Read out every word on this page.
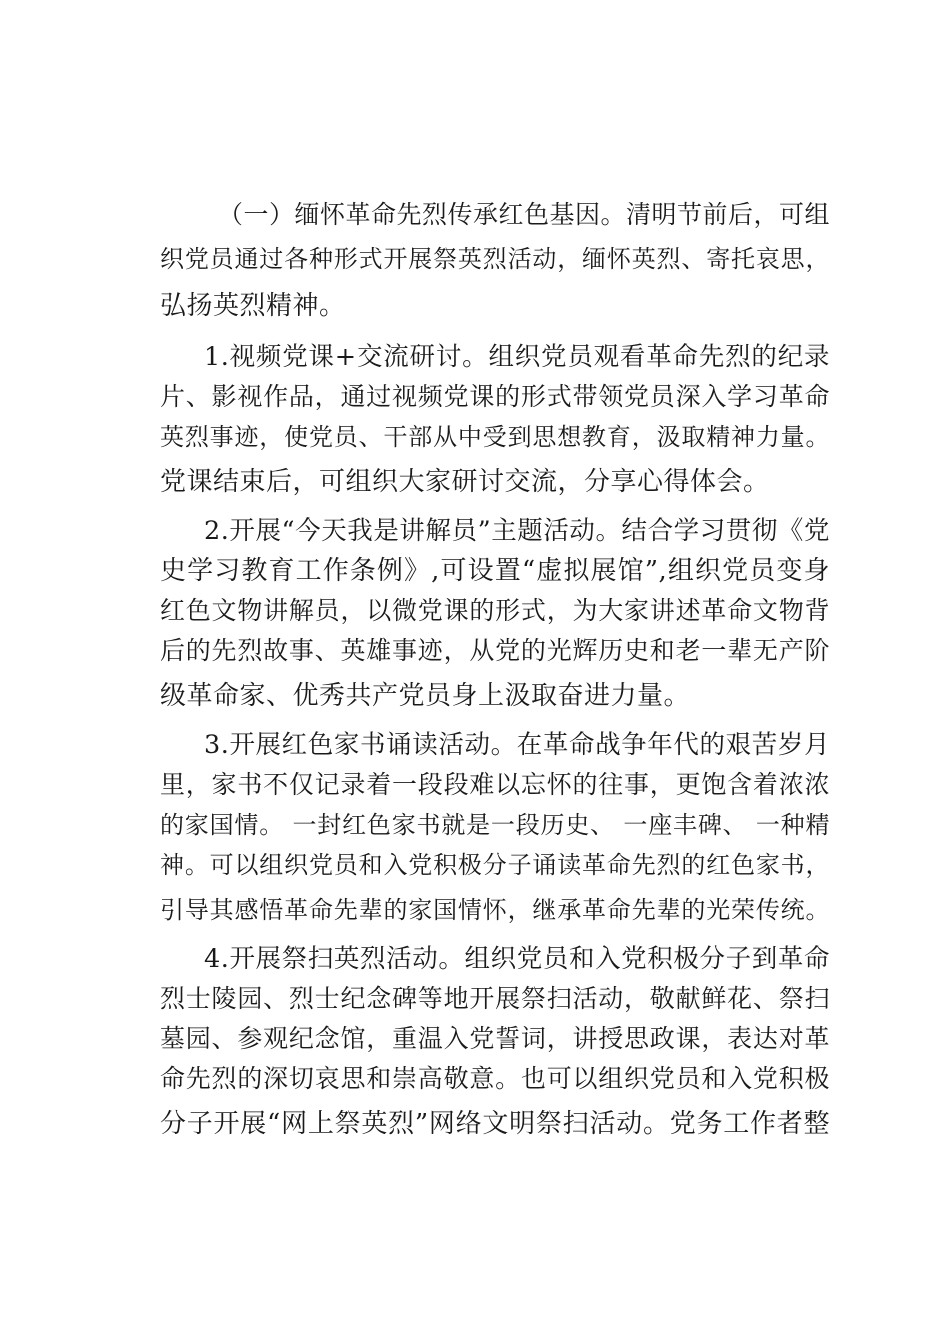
（一）缅怀革命先烈传承红色基因。清明节前后，可组
织党员通过各种形式开展祭英烈活动，缅怀英烈、寄托哀思，
弘扬英烈精神。
1.视频党课+交流研讨。组织党员观看革命先烈的纪录
片、影视作品，通过视频党课的形式带领党员深入学习革命
英烈事迹，使党员、干部从中受到思想教育，汲取精神力量。
党课结束后，可组织大家研讨交流，分享心得体会。
2.开展“今天我是讲解员”主题活动。结合学习贯彻《党
史学习教育工作条例》,可设置“虚拟展馆”,组织党员变身
红色文物讲解员，以微党课的形式，为大家讲述革命文物背
后的先烈故事、英雄事迹，从党的光辉历史和老一辈无产阶
级革命家、优秀共产党员身上汲取奋进力量。
3.开展红色家书诵读活动。在革命战争年代的艰苦岁月
里，家书不仅记录着一段段难以忘怀的往事，更饱含着浓浓
的家国情。 一封红色家书就是一段历史、 一座丰碑、 一种精
神。可以组织党员和入党积极分子诵读革命先烈的红色家书，
引导其感悟革命先辈的家国情怀，继承革命先辈的光荣传统。
4.开展祭扫英烈活动。组织党员和入党积极分子到革命
烈士陵园、烈士纪念碑等地开展祭扫活动，敬献鲜花、祭扫
墓园、参观纪念馆，重温入党誓词，讲授思政课，表达对革
命先烈的深切哀思和崇高敬意。也可以组织党员和入党积极
分子开展“网上祭英烈”网络文明祭扫活动。党务工作者整
